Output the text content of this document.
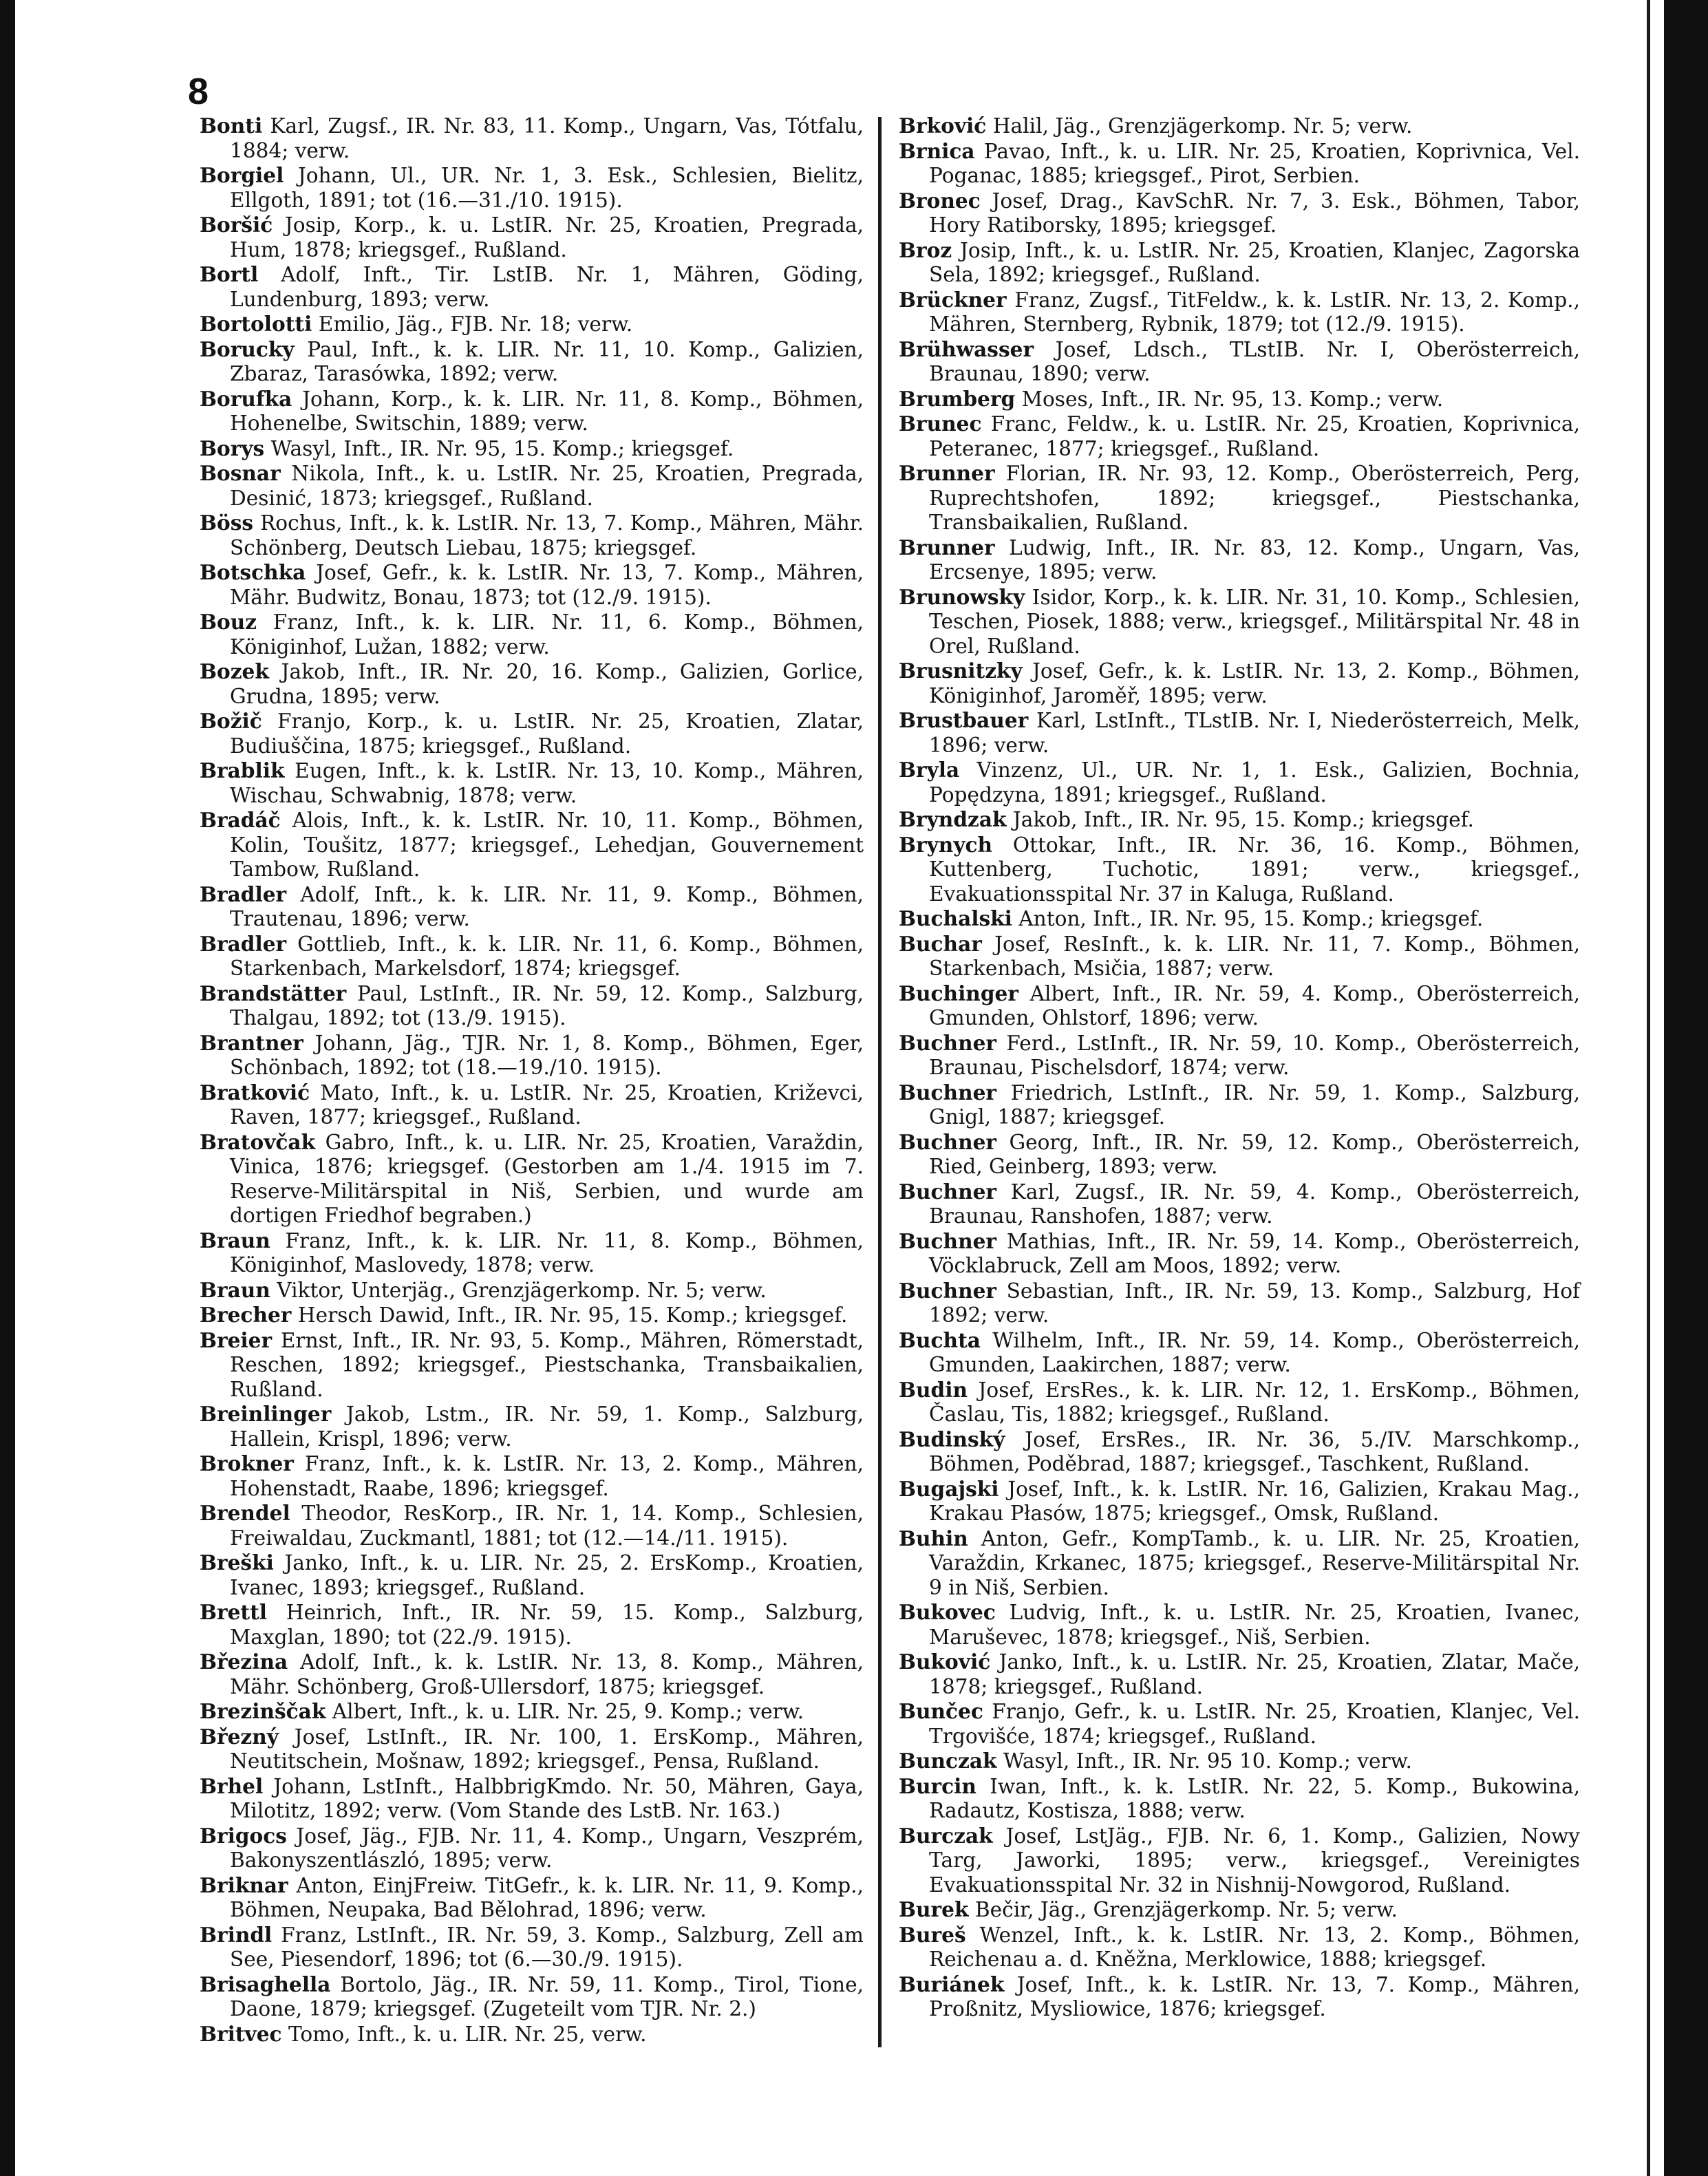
8

Bonti Karl, Zugsf., IR. Nr. 83, 11. Komp., Ungarn, Vas, Tótfalu, 1884; verw.

Borgiel Johann, Ul., UR. Nr. 1, 3. Esk., Schlesien, Bielitz, Ellgoth, 1891; tot (16.—31./10. 1915).

Boršić Josip, Korp., k. u. LstIR. Nr. 25, Kroatien, Pregrada, Hum, 1878; kriegsgef., Rußland.

Bortl Adolf, Inft., Tir. LstIB. Nr. 1, Mähren, Göding, Lundenburg, 1893; verw.

Bortolotti Emilio, Jäg., FJB. Nr. 18; verw.

Borucky Paul, Inft., k. k. LIR. Nr. 11, 10. Komp., Galizien, Zbaraz, Tarasówka, 1892; verw.

Borufka Johann, Korp., k. k. LIR. Nr. 11, 8. Komp., Böhmen, Hohenelbe, Switschin, 1889; verw.

Borys Wasyl, Inft., IR. Nr. 95, 15. Komp.; kriegsgef.

Bosnar Nikola, Inft., k. u. LstIR. Nr. 25, Kroatien, Pregrada, Desinić, 1873; kriegsgef., Rußland.

Böss Rochus, Inft., k. k. LstIR. Nr. 13, 7. Komp., Mähren, Mähr. Schönberg, Deutsch Liebau, 1875; kriegsgef.

Botschka Josef, Gefr., k. k. LstIR. Nr. 13, 7. Komp., Mähren, Mähr. Budwitz, Bonau, 1873; tot (12./9. 1915).

Bouz Franz, Inft., k. k. LIR. Nr. 11, 6. Komp., Böhmen, Königinhof, Lužan, 1882; verw.

Bozek Jakob, Inft., IR. Nr. 20, 16. Komp., Galizien, Gorlice, Grudna, 1895; verw.

Božič Franjo, Korp., k. u. LstIR. Nr. 25, Kroatien, Zlatar, Budiuščina, 1875; kriegsgef., Rußland.

Brablik Eugen, Inft., k. k. LstIR. Nr. 13, 10. Komp., Mähren, Wischau, Schwabnig, 1878; verw.

Bradáč Alois, Inft., k. k. LstIR. Nr. 10, 11. Komp., Böhmen, Kolin, Toušitz, 1877; kriegsgef., Lehedjan, Gouvernement Tambow, Rußland.

Bradler Adolf, Inft., k. k. LIR. Nr. 11, 9. Komp., Böhmen, Trautenau, 1896; verw.

Bradler Gottlieb, Inft., k. k. LIR. Nr. 11, 6. Komp., Böhmen, Starkenbach, Markelsdorf, 1874; kriegsgef.

Brandstätter Paul, LstInft., IR. Nr. 59, 12. Komp., Salzburg, Thalgau, 1892; tot (13./9. 1915).

Brantner Johann, Jäg., TJR. Nr. 1, 8. Komp., Böhmen, Eger, Schönbach, 1892; tot (18.—19./10. 1915).

Bratković Mato, Inft., k. u. LstIR. Nr. 25, Kroatien, Križevci, Raven, 1877; kriegsgef., Rußland.

Bratovčak Gabro, Inft., k. u. LIR. Nr. 25, Kroatien, Varaždin, Vinica, 1876; kriegsgef. (Gestorben am 1./4. 1915 im 7. Reserve-Militärspital in Niš, Serbien, und wurde am dortigen Friedhof begraben.)

Braun Franz, Inft., k. k. LIR. Nr. 11, 8. Komp., Böhmen, Königinhof, Maslovedy, 1878; verw.

Braun Viktor, Unterjäg., Grenzjägerkomp. Nr. 5; verw.

Brecher Hersch Dawid, Inft., IR. Nr. 95, 15. Komp.; kriegsgef.

Breier Ernst, Inft., IR. Nr. 93, 5. Komp., Mähren, Römerstadt, Reschen, 1892; kriegsgef., Piestschanka, Transbaikalien, Rußland.

Breinlinger Jakob, Lstm., IR. Nr. 59, 1. Komp., Salzburg, Hallein, Krispl, 1896; verw.

Brokner Franz, Inft., k. k. LstIR. Nr. 13, 2. Komp., Mähren, Hohenstadt, Raabe, 1896; kriegsgef.

Brendel Theodor, ResKorp., IR. Nr. 1, 14. Komp., Schlesien, Freiwaldau, Zuckmantl, 1881; tot (12.—14./11. 1915).

Breški Janko, Inft., k. u. LIR. Nr. 25, 2. ErsKomp., Kroatien, Ivanec, 1893; kriegsgef., Rußland.

Brettl Heinrich, Inft., IR. Nr. 59, 15. Komp., Salzburg, Maxglan, 1890; tot (22./9. 1915).

Březina Adolf, Inft., k. k. LstIR. Nr. 13, 8. Komp., Mähren, Mähr. Schönberg, Groß-Ullersdorf, 1875; kriegsgef.

Brezinščak Albert, Inft., k. u. LIR. Nr. 25, 9. Komp.; verw.

Březný Josef, LstInft., IR. Nr. 100, 1. ErsKomp., Mähren, Neutitschein, Mošnaw, 1892; kriegsgef., Pensa, Rußland.

Brhel Johann, LstInft., HalbbrigKmdo. Nr. 50, Mähren, Gaya, Milotitz, 1892; verw. (Vom Stande des LstB. Nr. 163.)

Brigocs Josef, Jäg., FJB. Nr. 11, 4. Komp., Ungarn, Veszprém, Bakonyszentlászló, 1895; verw.

Briknar Anton, EinjFreiw. TitGefr., k. k. LIR. Nr. 11, 9. Komp., Böhmen, Neupaka, Bad Bělohrad, 1896; verw.

Brindl Franz, LstInft., IR. Nr. 59, 3. Komp., Salzburg, Zell am See, Piesendorf, 1896; tot (6.—30./9. 1915).

Brisaghella Bortolo, Jäg., IR. Nr. 59, 11. Komp., Tirol, Tione, Daone, 1879; kriegsgef. (Zugeteilt vom TJR. Nr. 2.)

Britvec Tomo, Inft., k. u. LIR. Nr. 25, verw.

Brković Halil, Jäg., Grenzjägerkomp. Nr. 5; verw.

Brnica Pavao, Inft., k. u. LIR. Nr. 25, Kroatien, Koprivnica, Vel. Poganac, 1885; kriegsgef., Pirot, Serbien.

Bronec Josef, Drag., KavSchR. Nr. 7, 3. Esk., Böhmen, Tabor, Hory Ratiborsky, 1895; kriegsgef.

Broz Josip, Inft., k. u. LstIR. Nr. 25, Kroatien, Klanjec, Zagorska Sela, 1892; kriegsgef., Rußland.

Brückner Franz, Zugsf., TitFeldw., k. k. LstIR. Nr. 13, 2. Komp., Mähren, Sternberg, Rybnik, 1879; tot (12./9. 1915).

Brühwasser Josef, Ldsch., TLstIB. Nr. I, Oberösterreich, Braunau, 1890; verw.

Brumberg Moses, Inft., IR. Nr. 95, 13. Komp.; verw.

Brunec Franc, Feldw., k. u. LstIR. Nr. 25, Kroatien, Koprivnica, Peteranec, 1877; kriegsgef., Rußland.

Brunner Florian, IR. Nr. 93, 12. Komp., Oberösterreich, Perg, Ruprechtshofen, 1892; kriegsgef., Piestschanka, Transbaikalien, Rußland.

Brunner Ludwig, Inft., IR. Nr. 83, 12. Komp., Ungarn, Vas, Ercsenye, 1895; verw.

Brunowsky Isidor, Korp., k. k. LIR. Nr. 31, 10. Komp., Schlesien, Teschen, Piosek, 1888; verw., kriegsgef., Militärspital Nr. 48 in Orel, Rußland.

Brusnitzky Josef, Gefr., k. k. LstIR. Nr. 13, 2. Komp., Böhmen, Königinhof, Jaroměř, 1895; verw.

Brustbauer Karl, LstInft., TLstIB. Nr. I, Niederösterreich, Melk, 1896; verw.

Bryla Vinzenz, Ul., UR. Nr. 1, 1. Esk., Galizien, Bochnia, Popędzyna, 1891; kriegsgef., Rußland.

Bryndzak Jakob, Inft., IR. Nr. 95, 15. Komp.; kriegsgef.

Brynych Ottokar, Inft., IR. Nr. 36, 16. Komp., Böhmen, Kuttenberg, Tuchotic, 1891; verw., kriegsgef., Evakuationsspital Nr. 37 in Kaluga, Rußland.

Buchalski Anton, Inft., IR. Nr. 95, 15. Komp.; kriegsgef.

Buchar Josef, ResInft., k. k. LIR. Nr. 11, 7. Komp., Böhmen, Starkenbach, Msičia, 1887; verw.

Buchinger Albert, Inft., IR. Nr. 59, 4. Komp., Oberösterreich, Gmunden, Ohlstorf, 1896; verw.

Buchner Ferd., LstInft., IR. Nr. 59, 10. Komp., Oberösterreich, Braunau, Pischelsdorf, 1874; verw.

Buchner Friedrich, LstInft., IR. Nr. 59, 1. Komp., Salzburg, Gnigl, 1887; kriegsgef.

Buchner Georg, Inft., IR. Nr. 59, 12. Komp., Oberösterreich, Ried, Geinberg, 1893; verw.

Buchner Karl, Zugsf., IR. Nr. 59, 4. Komp., Oberösterreich, Braunau, Ranshofen, 1887; verw.

Buchner Mathias, Inft., IR. Nr. 59, 14. Komp., Oberösterreich, Vöcklabruck, Zell am Moos, 1892; verw.

Buchner Sebastian, Inft., IR. Nr. 59, 13. Komp., Salzburg, Hof 1892; verw.

Buchta Wilhelm, Inft., IR. Nr. 59, 14. Komp., Oberösterreich, Gmunden, Laakirchen, 1887; verw.

Budin Josef, ErsRes., k. k. LIR. Nr. 12, 1. ErsKomp., Böhmen, Časlau, Tis, 1882; kriegsgef., Rußland.

Budinský Josef, ErsRes., IR. Nr. 36, 5./IV. Marschkomp., Böhmen, Poděbrad, 1887; kriegsgef., Taschkent, Rußland.

Bugajski Josef, Inft., k. k. LstIR. Nr. 16, Galizien, Krakau Mag., Krakau Płasów, 1875; kriegsgef., Omsk, Rußland.

Buhin Anton, Gefr., KompTamb., k. u. LIR. Nr. 25, Kroatien, Varaždin, Krkanec, 1875; kriegsgef., Reserve-Militärspital Nr. 9 in Niš, Serbien.

Bukovec Ludvig, Inft., k. u. LstIR. Nr. 25, Kroatien, Ivanec, Maruševec, 1878; kriegsgef., Niš, Serbien.

Buković Janko, Inft., k. u. LstIR. Nr. 25, Kroatien, Zlatar, Mače, 1878; kriegsgef., Rußland.

Bunčec Franjo, Gefr., k. u. LstIR. Nr. 25, Kroatien, Klanjec, Vel. Trgovišće, 1874; kriegsgef., Rußland.

Bunczak Wasyl, Inft., IR. Nr. 95 10. Komp.; verw.

Burcin Iwan, Inft., k. k. LstIR. Nr. 22, 5. Komp., Bukowina, Radautz, Kostisza, 1888; verw.

Burczak Josef, LstJäg., FJB. Nr. 6, 1. Komp., Galizien, Nowy Targ, Jaworki, 1895; verw., kriegsgef., Vereinigtes Evakuationsspital Nr. 32 in Nishnij-Nowgorod, Rußland.

Burek Bečir, Jäg., Grenzjägerkomp. Nr. 5; verw.

Bureš Wenzel, Inft., k. k. LstIR. Nr. 13, 2. Komp., Böhmen, Reichenau a. d. Kněžna, Merklowice, 1888; kriegsgef.

Buriánek Josef, Inft., k. k. LstIR. Nr. 13, 7. Komp., Mähren, Proßnitz, Mysliowice, 1876; kriegsgef.
